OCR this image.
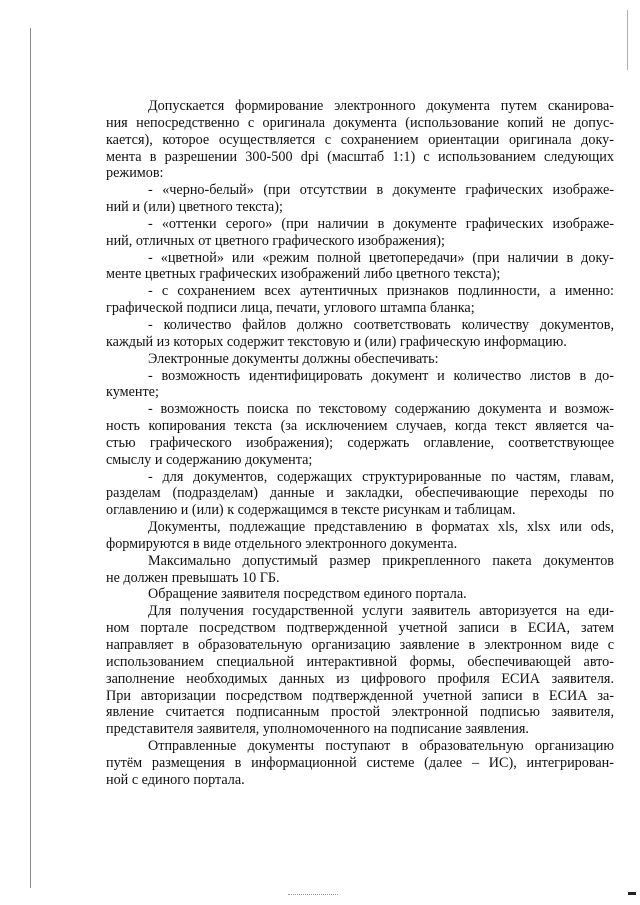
Допускается формирование электронного документа путем сканирова-

ния непосредственно с оригинала документа (использование копий не допус-

кается), которое осуществляется с сохранением ориентации оригинала доку-

мента в разрешении 300-500 dpi (масштаб 1:1) с использованием следующих

режимов:

- «черно-белый» (при отсутствии в документе графических изображе-

ний и (или) цветного текста);

- «оттенки серого» (при наличии в документе графических изображе-

ний, отличных от цветного графического изображения);

- «цветной» или «режим полной цветопередачи» (при наличии в доку-

менте цветных графических изображений либо цветного текста);

- с сохранением всех аутентичных признаков подлинности, а именно:

графической подписи лица, печати, углового штампа бланка;

- количество файлов должно соответствовать количеству документов,

каждый из которых содержит текстовую и (или) графическую информацию.

Электронные документы должны обеспечивать:

- возможность идентифицировать документ и количество листов в до-

кументе;

- возможность поиска по текстовому содержанию документа и возмож-

ность копирования текста (за исключением случаев, когда текст является ча-

стью графического изображения); содержать оглавление, соответствующее

смыслу и содержанию документа;

- для документов, содержащих структурированные по частям, главам,

разделам (подразделам) данные и закладки, обеспечивающие переходы по

оглавлению и (или) к содержащимся в тексте рисункам и таблицам.

Документы, подлежащие представлению в форматах xls, xlsx или ods,

формируются в виде отдельного электронного документа.

Максимально допустимый размер прикрепленного пакета документов

не должен превышать 10 ГБ.

Обращение заявителя посредством единого портала.

Для получения государственной услуги заявитель авторизуется на еди-

ном портале посредством подтвержденной учетной записи в ЕСИА, затем

направляет в образовательную организацию заявление в электронном виде с

использованием специальной интерактивной формы, обеспечивающей авто-

заполнение необходимых данных из цифрового профиля ЕСИА заявителя.

При авторизации посредством подтвержденной учетной записи в ЕСИА за-

явление считается подписанным простой электронной подписью заявителя,

представителя заявителя, уполномоченного на подписание заявления.

Отправленные документы поступают в образовательную организацию

путём размещения в информационной системе (далее – ИС), интегрирован-

ной с единого портала.
